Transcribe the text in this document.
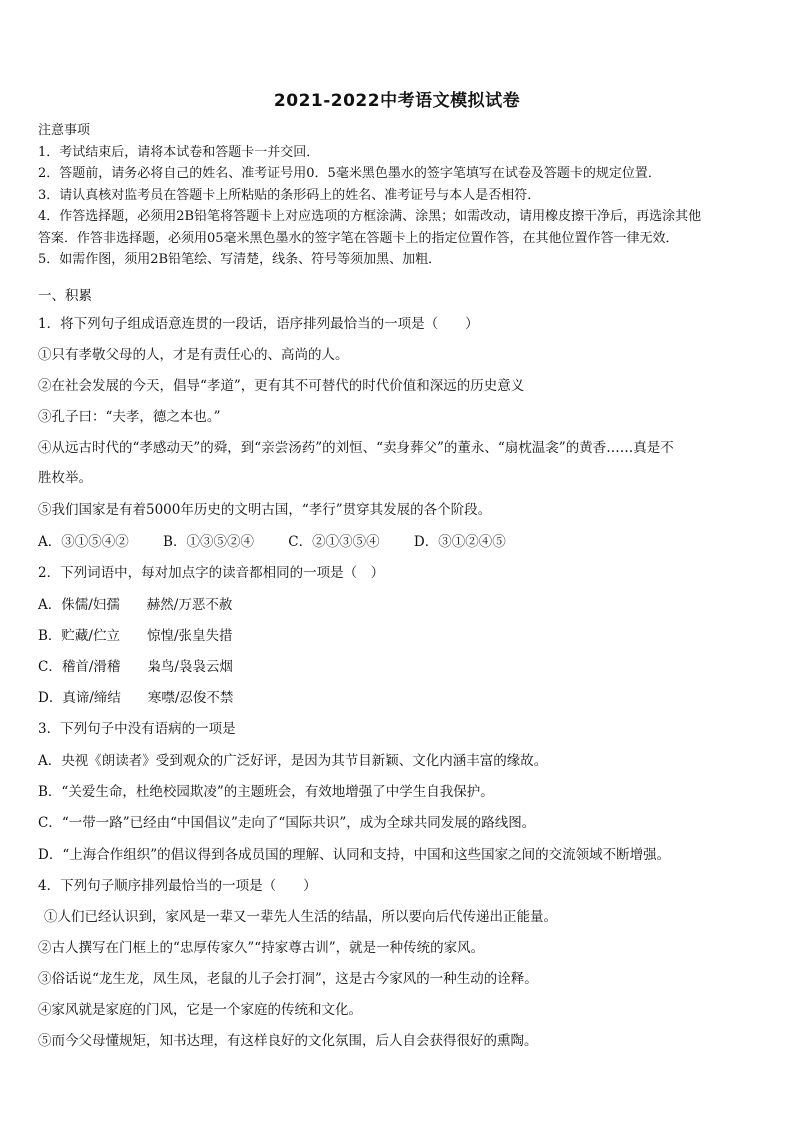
2021-2022中考语文模拟试卷
注意事项
1．考试结束后，请将本试卷和答题卡一并交回．
2．答题前，请务必将自己的姓名、准考证号用0．5毫米黑色墨水的签字笔填写在试卷及答题卡的规定位置．
3．请认真核对监考员在答题卡上所粘贴的条形码上的姓名、准考证号与本人是否相符．
4．作答选择题，必须用2B铅笔将答题卡上对应选项的方框涂满、涂黑；如需改动，请用橡皮擦干净后，再选涂其他
答案．作答非选择题，必须用05毫米黑色墨水的签字笔在答题卡上的指定位置作答，在其他位置作答一律无效．
5．如需作图，须用2B铅笔绘、写清楚，线条、符号等须加黑、加粗．
一、积累
1．将下列句子组成语意连贯的一段话，语序排列最恰当的一项是（　　）
①只有孝敬父母的人，才是有责任心的、高尚的人。
②在社会发展的今天，倡导“孝道”，更有其不可替代的时代价值和深远的历史意义
③孔子曰：“夫孝，德之本也。”
④从远古时代的“孝感动天”的舜，到“亲尝汤药”的刘恒、“卖身葬父”的董永、“扇枕温衾”的黄香……真是不
胜枚举。
⑤我们国家是有着5000年历史的文明古国，“孝行”贯穿其发展的各个阶段。
A．③①⑤④②	B．①③⑤②④	C．②①③⑤④	D．③①②④⑤
2．下列词语中，每对加点字的读音都相同的一项是（　）
A．侏儒/妇孺　　赫然/万恶不赦
B．贮藏/伫立　　惊惶/张皇失措
C．稽首/滑稽　　枭鸟/袅袅云烟
D．真谛/缔结　　寒噤/忍俊不禁
3．下列句子中没有语病的一项是
A．央视《朗读者》受到观众的广泛好评，是因为其节目新颖、文化内涵丰富的缘故。
B．“关爱生命，杜绝校园欺凌”的主题班会，有效地增强了中学生自我保护。
C．“一带一路”已经由“中国倡议”走向了“国际共识”，成为全球共同发展的路线图。
D．“上海合作组织”的倡议得到各成员国的理解、认同和支持，中国和这些国家之间的交流领域不断增强。
4．下列句子顺序排列最恰当的一项是（　　）
①人们已经认识到，家风是一辈又一辈先人生活的结晶，所以要向后代传递出正能量。
②古人撰写在门框上的“忠厚传家久”“持家尊古训”，就是一种传统的家风。
③俗话说“龙生龙，凤生凤，老鼠的儿子会打洞”，这是古今家风的一种生动的诠释。
④家风就是家庭的门风，它是一个家庭的传统和文化。
⑤而今父母懂规矩，知书达理，有这样良好的文化氛围，后人自会获得很好的熏陶。
